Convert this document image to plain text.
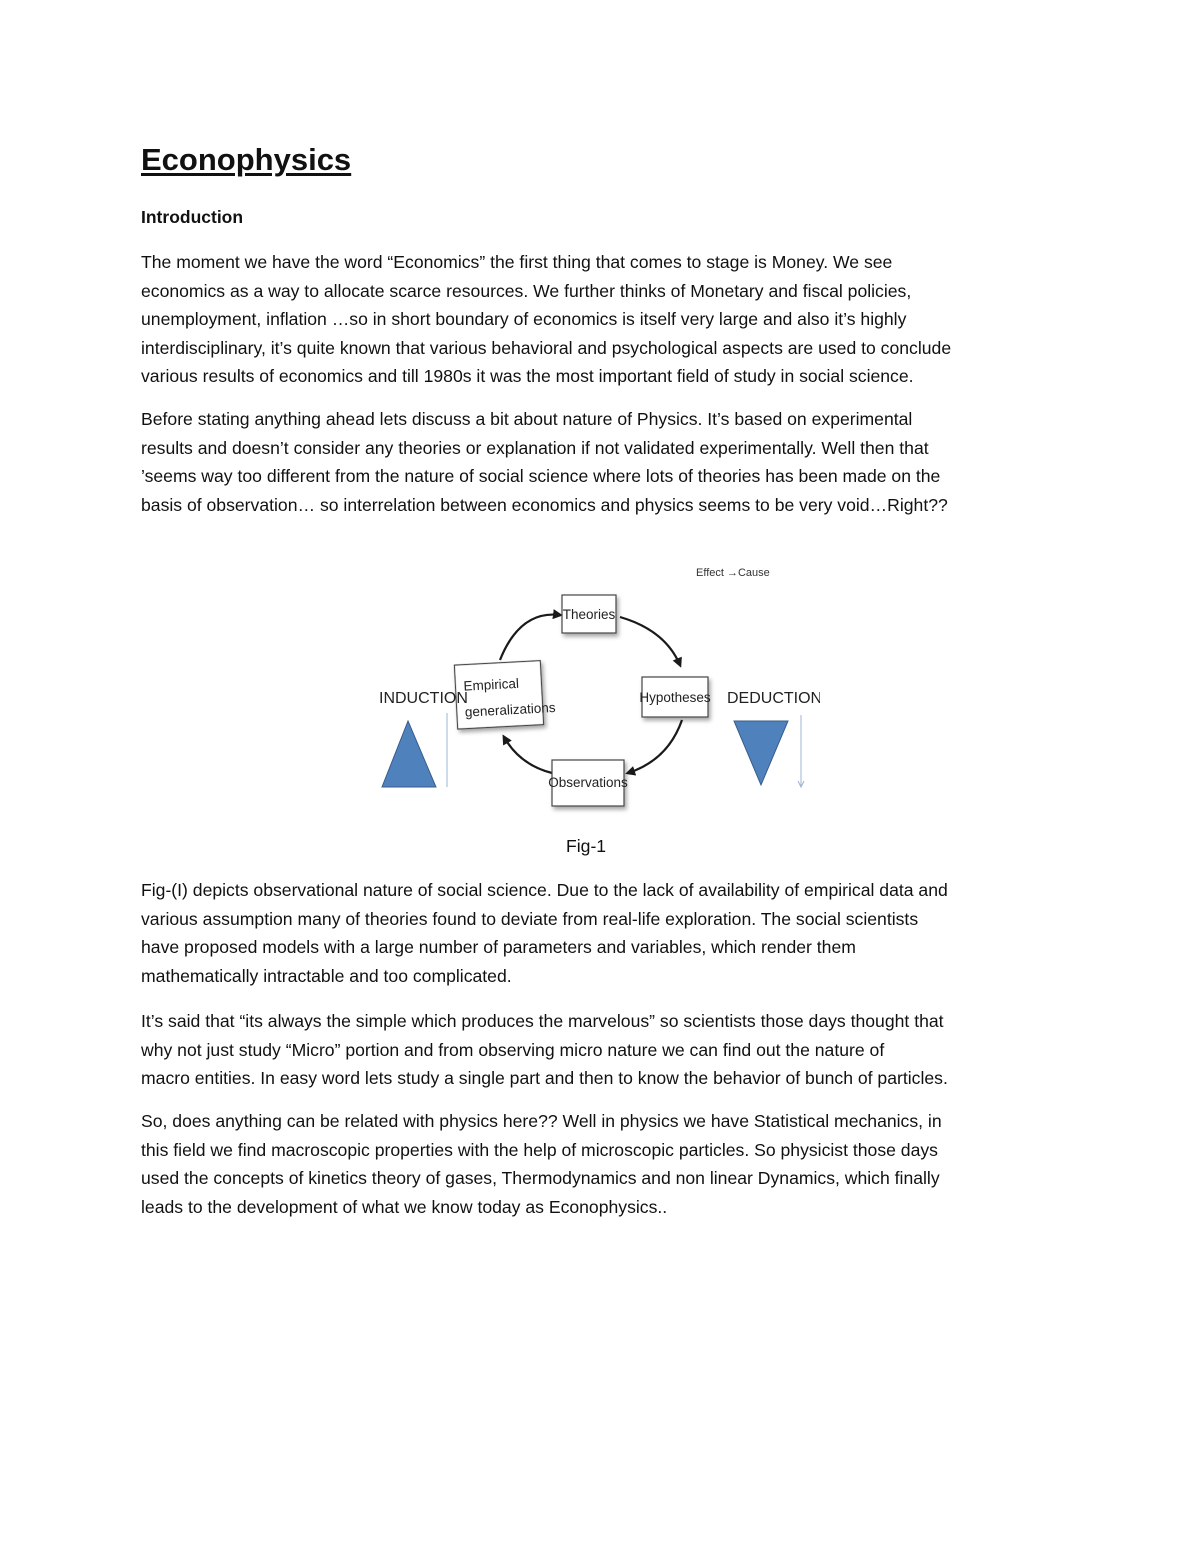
Econophysics
Introduction

The moment we have the word “Economics” the first thing that comes to stage is Money. We see
economics as a way to allocate scarce resources. We further thinks of Monetary and fiscal policies,
unemployment, inflation …so in short boundary of economics is itself very large and also it’s highly
interdisciplinary, it’s quite known that various behavioral and psychological aspects are used to conclude
various results of economics and till 1980s it was the most important field of study in social science.

Before stating anything ahead lets discuss a bit about nature of Physics. It’s based on experimental
results and doesn’t consider any theories or explanation if not validated experimentally. Well then that
’seems way too different from the nature of social science where lots of theories has been made on the
basis of observation… so interrelation between economics and physics seems to be very void…Right??

Effect →Cause
Theories
Hypotheses
Observations
Empirical
generalizations
INDUCTION	DEDUCTION

Fig-1

Fig-(I) depicts observational nature of social science. Due to the lack of availability of empirical data and
various assumption many of theories found to deviate from real-life exploration. The social scientists
have proposed models with a large number of parameters and variables, which render them
mathematically intractable and too complicated.

It’s said that “its always the simple which produces the marvelous” so scientists those days thought that
why not just study “Micro” portion and from observing micro nature we can find out the nature of
macro entities. In easy word lets study a single part and then to know the behavior of bunch of particles.

So, does anything can be related with physics here?? Well in physics we have Statistical mechanics, in
this field we find macroscopic properties with the help of microscopic particles. So physicist those days
used the concepts of kinetics theory of gases, Thermodynamics and non linear Dynamics, which finally
leads to the development of what we know today as Econophysics..
